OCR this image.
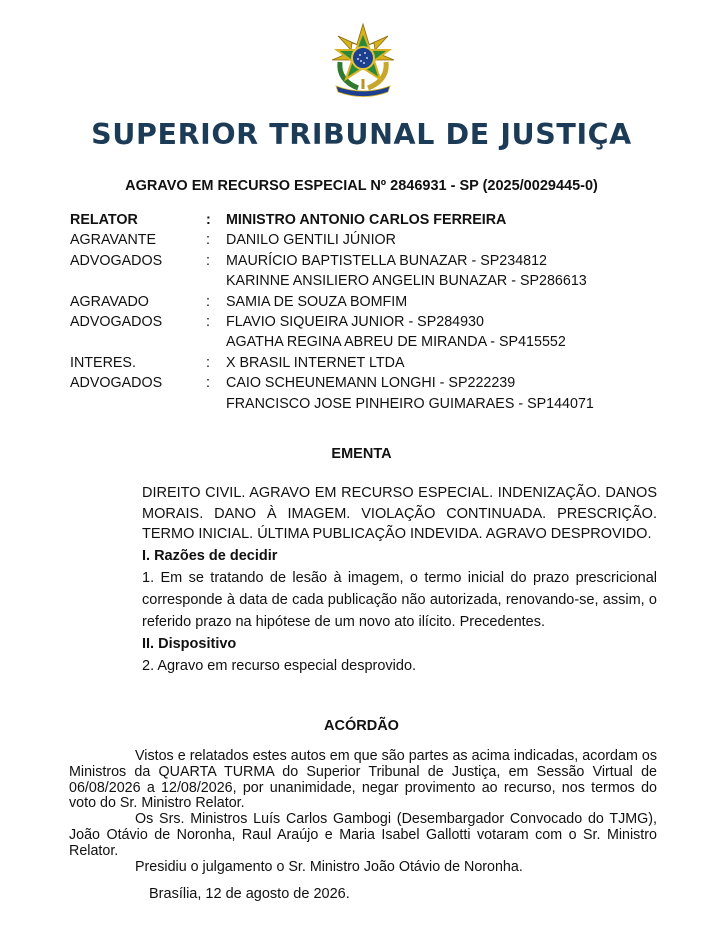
SUPERIOR TRIBUNAL DE JUSTIÇA
AGRAVO EM RECURSO ESPECIAL Nº 2846931 - SP (2025/0029445-0)
RELATOR	:	MINISTRO ANTONIO CARLOS FERREIRA
AGRAVANTE	:	DANILO GENTILI JÚNIOR
ADVOGADOS	:	MAURÍCIO BAPTISTELLA BUNAZAR - SP234812
KARINNE ANSILIERO ANGELIN BUNAZAR - SP286613
AGRAVADO	:	SAMIA DE SOUZA BOMFIM
ADVOGADOS	:	FLAVIO SIQUEIRA JUNIOR - SP284930
AGATHA REGINA ABREU DE MIRANDA - SP415552
INTERES.	:	X BRASIL INTERNET LTDA
ADVOGADOS	:	CAIO SCHEUNEMANN LONGHI - SP222239
FRANCISCO JOSE PINHEIRO GUIMARAES - SP144071
EMENTA
DIREITO CIVIL. AGRAVO EM RECURSO ESPECIAL. INDENIZAÇÃO. DANOS MORAIS. DANO À IMAGEM. VIOLAÇÃO CONTINUADA. PRESCRIÇÃO. TERMO INICIAL. ÚLTIMA PUBLICAÇÃO INDEVIDA. AGRAVO DESPROVIDO.
I. Razões de decidir
1. Em se tratando de lesão à imagem, o termo inicial do prazo prescricional corresponde à data de cada publicação não autorizada, renovando-se, assim, o referido prazo na hipótese de um novo ato ilícito. Precedentes.
II. Dispositivo
2. Agravo em recurso especial desprovido.
ACÓRDÃO

Vistos e relatados estes autos em que são partes as acima indicadas, acordam os Ministros da QUARTA TURMA do Superior Tribunal de Justiça, em Sessão Virtual de 06/08/2026 a 12/08/2026, por unanimidade, negar provimento ao recurso, nos termos do voto do Sr. Ministro Relator.

Os Srs. Ministros Luís Carlos Gambogi (Desembargador Convocado do TJMG), João Otávio de Noronha, Raul Araújo e Maria Isabel Gallotti votaram com o Sr. Ministro Relator.

Presidiu o julgamento o Sr. Ministro João Otávio de Noronha.

Brasília, 12 de agosto de 2026.
